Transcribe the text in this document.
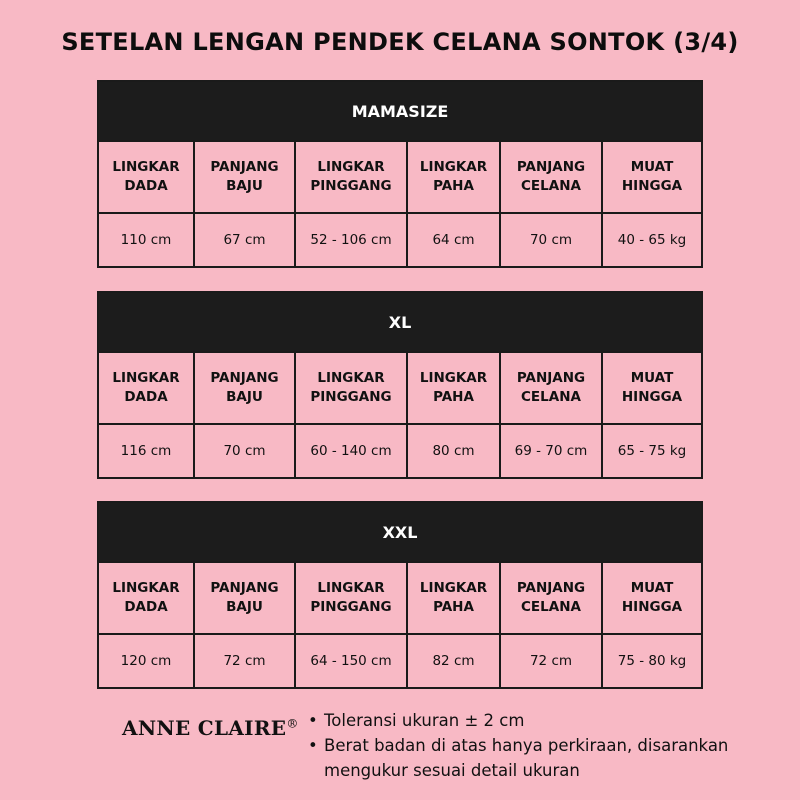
SETELAN LENGAN PENDEK CELANA SONTOK (3/4)
MAMASIZE
LINGKAR
DADA
PANJANG
BAJU
LINGKAR
PINGGANG
LINGKAR
PAHA
PANJANG
CELANA
MUAT
HINGGA
110 cm	67 cm	52 - 106 cm	64 cm	70 cm	40 - 65 kg
XL
LINGKAR
DADA
PANJANG
BAJU
LINGKAR
PINGGANG
LINGKAR
PAHA
PANJANG
CELANA
MUAT
HINGGA
116 cm	70 cm	60 - 140 cm	80 cm	69 - 70 cm	65 - 75 kg
XXL
LINGKAR
DADA
PANJANG
BAJU
LINGKAR
PINGGANG
LINGKAR
PAHA
PANJANG
CELANA
MUAT
HINGGA
120 cm	72 cm	64 - 150 cm	82 cm	72 cm	75 - 80 kg
ANNE CLAIRE®
•	Toleransi ukuran ± 2 cm
• Berat badan di atas hanya perkiraan, disarankan mengukur sesuai detail ukuran
